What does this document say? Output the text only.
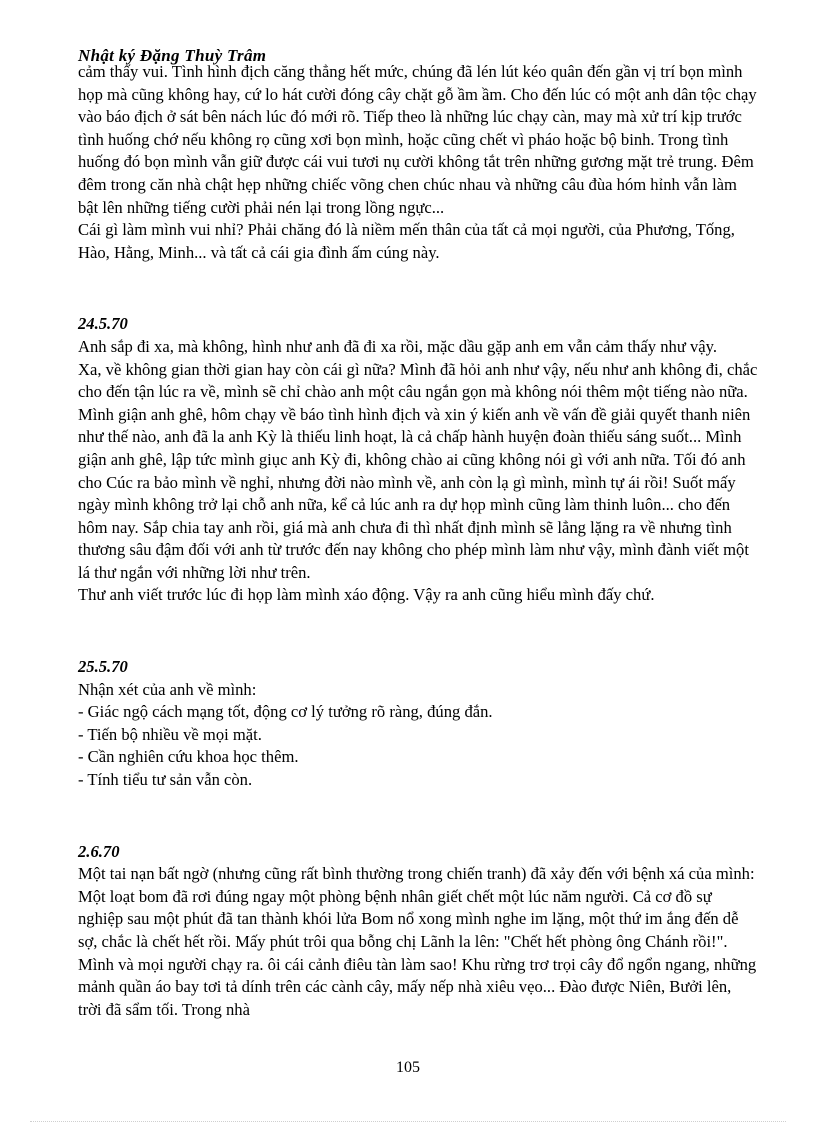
Nhật ký Đặng Thuỳ Trâm

cảm thấy vui. Tình hình địch căng thẳng hết mức, chúng đã lén lút kéo quân đến gần vị trí bọn mình họp mà cũng không hay, cứ lo hát cười đóng cây chặt gỗ ầm ầm. Cho đến lúc có một anh dân tộc chạy vào báo địch ở sát bên nách lúc đó mới rõ. Tiếp theo là những lúc chạy càn, may mà xử trí kịp trước tình huống chớ nếu không rọ cũng xơi bọn mình, hoặc cũng chết vì pháo hoặc bộ binh. Trong tình huống đó bọn mình vẫn giữ được cái vui tươi nụ cười không tắt trên những gương mặt trẻ trung. Đêm đêm trong căn nhà chật hẹp những chiếc võng chen chúc nhau và những câu đùa hóm hỉnh vẫn làm bật lên những tiếng cười phải nén lại trong lồng ngực...

Cái gì làm mình vui nhỉ? Phải chăng đó là niềm mến thân của tất cả mọi người, của Phương, Tống, Hào, Hằng, Minh... và tất cả cái gia đình ấm cúng này.

24.5.70

Anh sắp đi xa, mà không, hình như anh đã đi xa rồi, mặc dầu gặp anh em vẫn cảm thấy như vậy.

Xa, về không gian thời gian hay còn cái gì nữa? Mình đã hỏi anh như vậy, nếu như anh không đi, chắc cho đến tận lúc ra về, mình sẽ chỉ chào anh một câu ngắn gọn mà không nói thêm một tiếng nào nữa.

Mình giận anh ghê, hôm chạy về báo tình hình địch và xin ý kiến anh về vấn đề giải quyết thanh niên như thế nào, anh đã la anh Kỳ là thiếu linh hoạt, là cả chấp hành huyện đoàn thiếu sáng suốt... Mình giận anh ghê, lập tức mình giục anh Kỳ đi, không chào ai cũng không nói gì với anh nữa. Tối đó anh cho Cúc ra bảo mình về nghỉ, nhưng đời nào mình về, anh còn lạ gì mình, mình tự ái rồi! Suốt mấy ngày mình không trở lại chỗ anh nữa, kể cả lúc anh ra dự họp mình cũng làm thinh luôn... cho đến hôm nay. Sắp chia tay anh rồi, giá mà anh chưa đi thì nhất định mình sẽ lẳng lặng ra về nhưng tình thương sâu đậm đối với anh từ trước đến nay không cho phép mình làm như vậy, mình đành viết một lá thư ngắn với những lời như trên.

Thư anh viết trước lúc đi họp làm mình xáo động. Vậy ra anh cũng hiểu mình đấy chứ.

25.5.70

Nhận xét của anh về mình:

- Giác ngộ cách mạng tốt, động cơ lý tưởng rõ ràng, đúng đắn.

- Tiến bộ nhiều về mọi mặt.

- Cần nghiên cứu khoa học thêm.

- Tính tiểu tư sản vẫn còn.

2.6.70

Một tai nạn bất ngờ (nhưng cũng rất bình thường trong chiến tranh) đã xảy đến với bệnh xá của mình: Một loạt bom đã rơi đúng ngay một phòng bệnh nhân giết chết một lúc năm người. Cả cơ đồ sự nghiệp sau một phút đã tan thành khói lửa Bom nổ xong mình nghe im lặng, một thứ im ắng đến dễ sợ, chắc là chết hết rồi. Mấy phút trôi qua bỗng chị Lãnh la lên: "Chết hết phòng ông Chánh rồi!". Mình và mọi người chạy ra. ôi cái cảnh điêu tàn làm sao! Khu rừng trơ trọi cây đổ ngổn ngang, những mảnh quần áo bay tơi tả dính trên các cành cây, mấy nếp nhà xiêu vẹo... Đào được Niên, Bưởi lên, trời đã sẩm tối. Trong nhà

105
